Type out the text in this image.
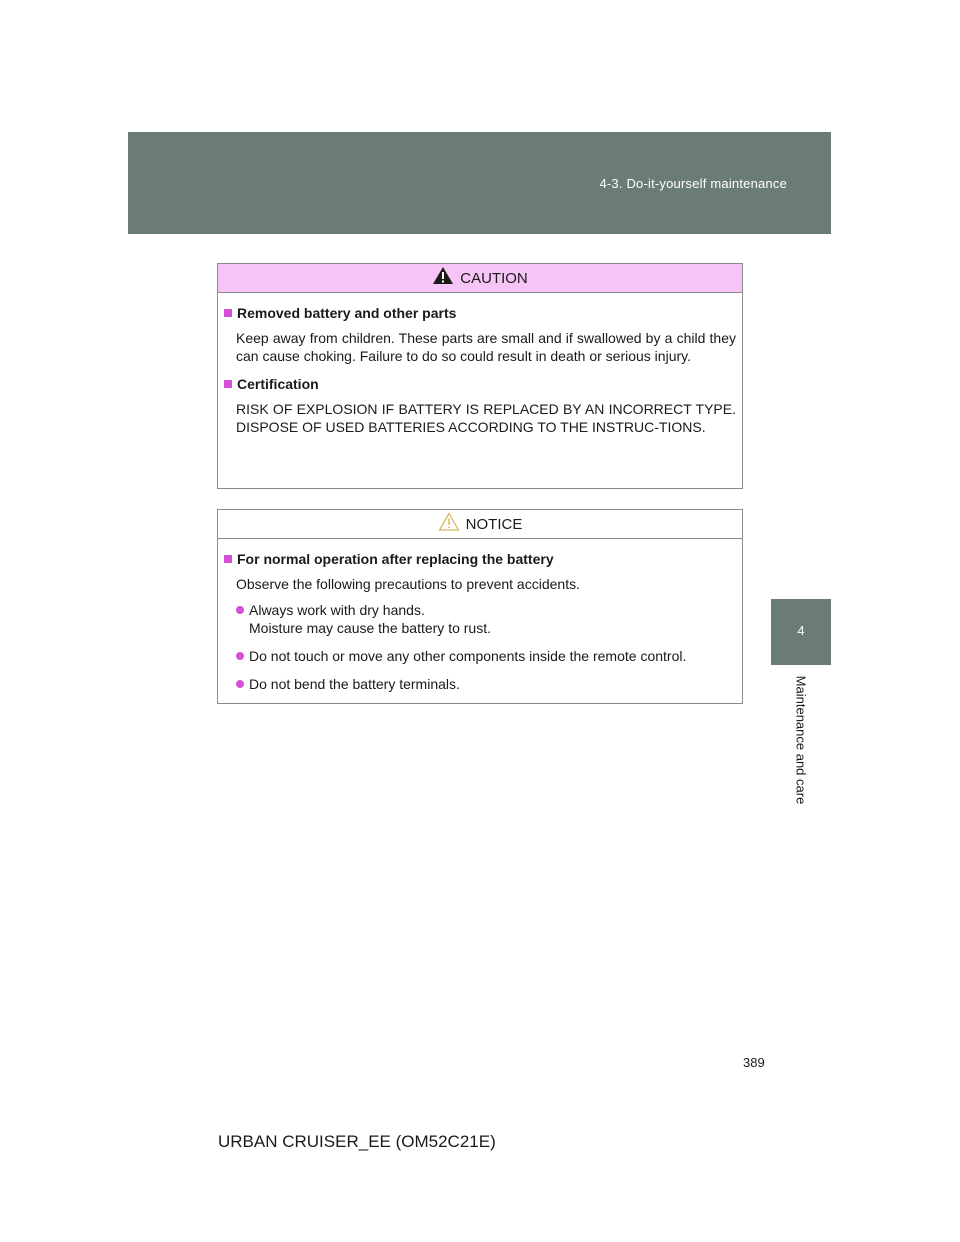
4-3. Do-it-yourself maintenance
4
Maintenance and care
CAUTION
Removed battery and other parts

Keep away from children. These parts are small and if swallowed by a child they can cause choking. Failure to do so could result in death or serious injury.

Certification

RISK OF EXPLOSION IF BATTERY IS REPLACED BY AN INCORRECT TYPE. DISPOSE OF USED BATTERIES ACCORDING TO THE INSTRUC-TIONS.

NOTICE
For normal operation after replacing the battery

Observe the following precautions to prevent accidents.

Always work with dry hands.
Moisture may cause the battery to rust.
Do not touch or move any other components inside the remote control.
Do not bend the battery terminals.
389
URBAN CRUISER_EE (OM52C21E)
